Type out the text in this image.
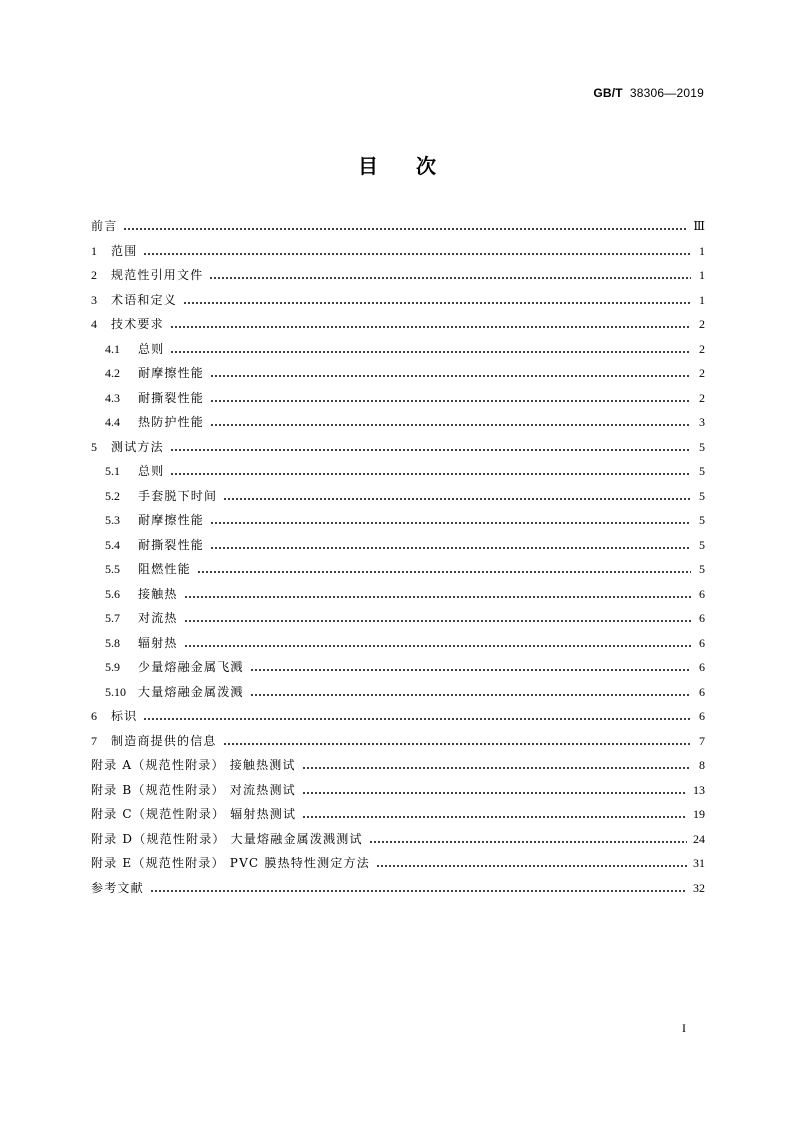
GB/T 38306—2019
目次
前言	Ⅲ
1	范围	1
2	规范性引用文件	1
3	术语和定义	1
4	技术要求	2
4.1	总则	2
4.2	耐摩擦性能	2
4.3	耐撕裂性能	2
4.4	热防护性能	3
5	测试方法	5
5.1	总则	5
5.2	手套脱下时间	5
5.3	耐摩擦性能	5
5.4	耐撕裂性能	5
5.5	阻燃性能	5
5.6	接触热	6
5.7	对流热	6
5.8	辐射热	6
5.9	少量熔融金属飞溅	6
5.10	大量熔融金属泼溅	6
6	标识	6
7	制造商提供的信息	7
附录 A（规范性附录） 接触热测试	8
附录 B（规范性附录） 对流热测试	13
附录 C（规范性附录） 辐射热测试	19
附录 D（规范性附录） 大量熔融金属泼溅测试	24
附录 E（规范性附录） PVC 膜热特性测定方法	31
参考文献	32
I
